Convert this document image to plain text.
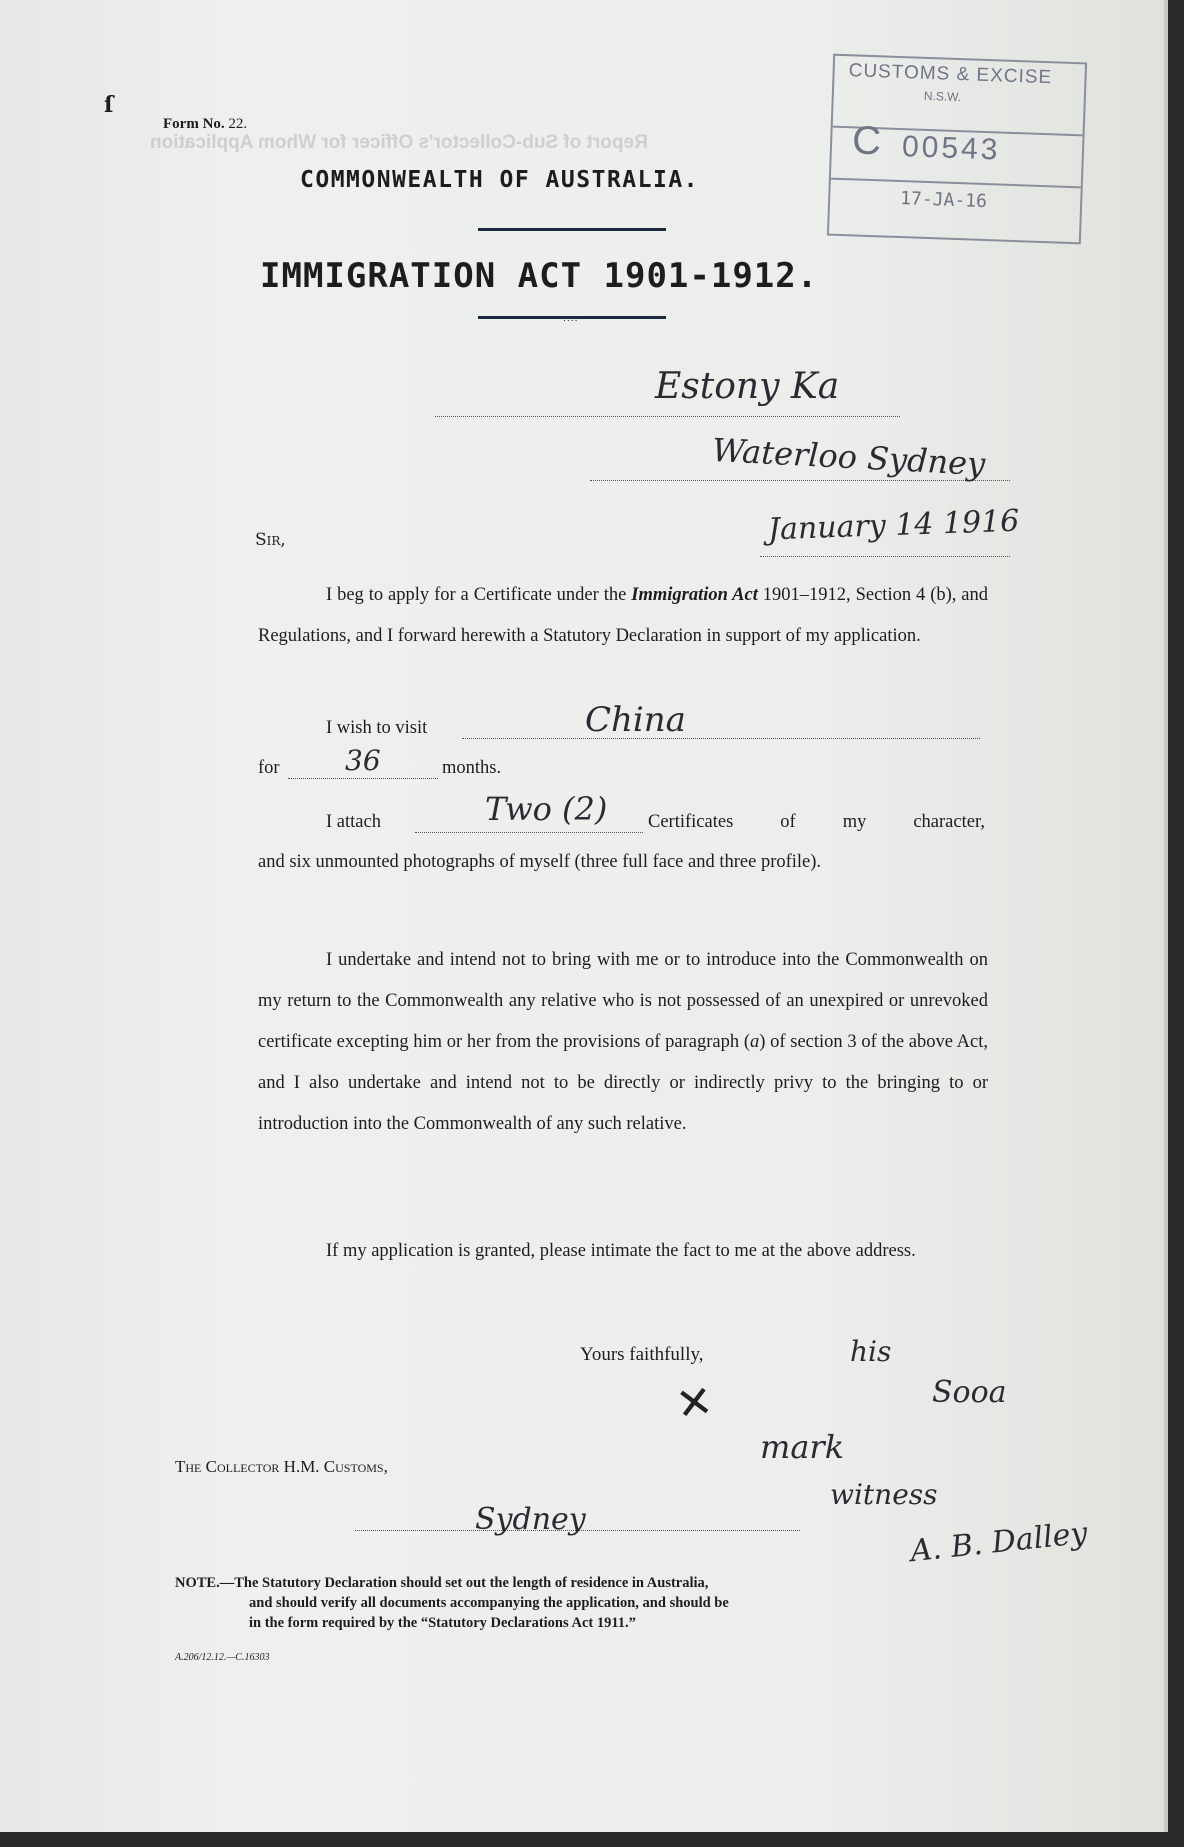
Report of Sub-Collector's Officer for Whom Application
ſ
Form No. 22.
COMMONWEALTH OF AUSTRALIA.
IMMIGRATION ACT 1901-1912.
....
CUSTOMS & EXCISE
N.S.W.
C 00543
17-JA-16
Estony Ka
Waterloo Sydney
January 14 1916
Sir,
I beg to apply for a Certificate under the Immigration Act 1901–1912, Section 4 (b), and Regulations, and I forward herewith a Statutory Declaration in support of my application.
I wish to visit	China
for 36	months.
I attach	Two (2) Certificates of my character,
and six unmounted photographs of myself (three full face and three profile).
I undertake and intend not to bring with me or to introduce into the Commonwealth on my return to the Commonwealth any relative who is not possessed of an unexpired or unrevoked certificate excepting him or her from the provisions of paragraph (a) of section 3 of the above Act, and I also undertake and intend not to be directly or indirectly privy to the bringing to or introduction into the Commonwealth of any such relative.
If my application is granted, please intimate the fact to me at the above address.
Yours faithfully,	his
Sooa
✕
mark
witness
A. B. Dalley
The Collector H.M. Customs,
Sydney
NOTE.—The Statutory Declaration should set out the length of residence in Australia,
and should verify all documents accompanying the application, and should be
in the form required by the “Statutory Declarations Act 1911.”
A.206/12.12.—C.16303
